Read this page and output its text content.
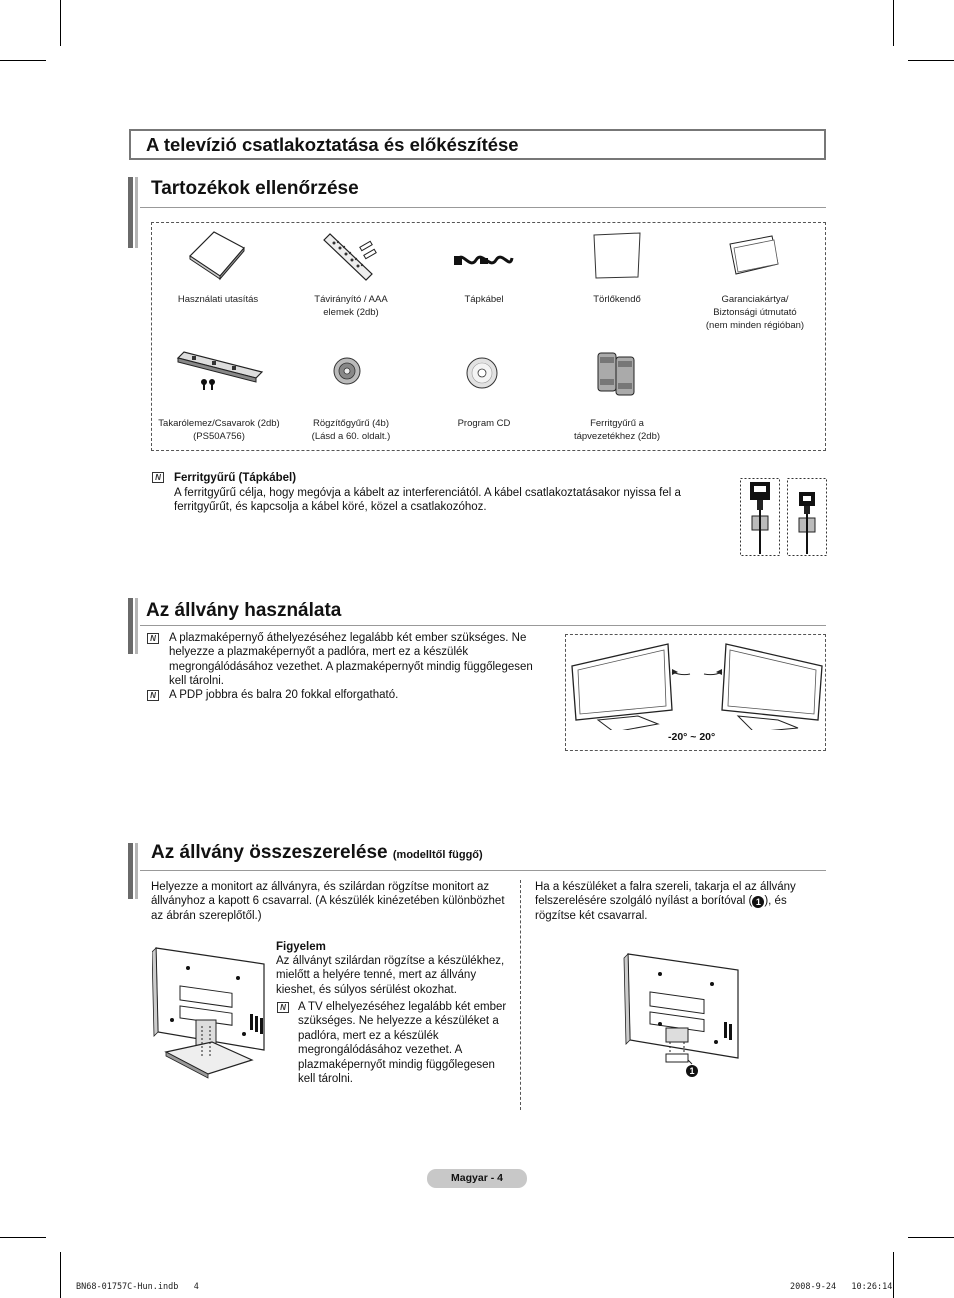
A televízió csatlakoztatása és előkészítése
Tartozékok ellenőrzése
Használati utasítás	Távirányító / AAA elemek (2db)
Tápkábel	Törlőkendő	Garanciakártya/ Biztonsági útmutató (nem minden régióban)
Takarólemez/Csavarok (2db) (PS50A756)
Rögzítőgyűrű (4b) (Lásd a 60. oldalt.)
Program CD	Ferritgyűrű a tápvezetékhez (2db)
N Ferritgyűrű (Tápkábel)
A ferritgyűrű célja, hogy megóvja a kábelt az interferenciától. A kábel csatlakoztatásakor nyissa fel a ferritgyűrűt, és kapcsolja a kábel köré, közel a csatlakozóhoz.
Az állvány használata
N A plazmaképernyő áthelyezéséhez legalább két ember szükséges. Ne helyezze a plazmaképernyőt a padlóra, mert ez a készülék megrongálódásához vezethet. A plazmaképernyőt mindig függőlegesen kell tárolni.
N A PDP jobbra és balra 20 fokkal elforgatható.
-20° ~ 20°
Az állvány összeszerelése (modelltől függő)
Helyezze a monitort az állványra, és szilárdan rögzítse monitort az állványhoz a kapott 6 csavarral. (A készülék kinézetében különbözhet az ábrán szereplőtől.)
Ha a készüléket a falra szereli, takarja el az állvány felszerelésére szolgáló nyílást a borítóval ( 1 ), és rögzítse két csavarral.
Figyelem
Az állványt szilárdan rögzítse a készülékhez, mielőtt a helyére tenné, mert az állvány kieshet, és súlyos sérülést okozhat.
N A TV elhelyezéséhez legalább két ember szükséges. Ne helyezze a készüléket a padlóra, mert ez a készülék megrongálódásához vezethet. A plazmaképernyőt mindig függőlegesen kell tárolni.
1
Magyar - 4
BN68-01757C-Hun.indb   4	2008-9-24   10:26:14
